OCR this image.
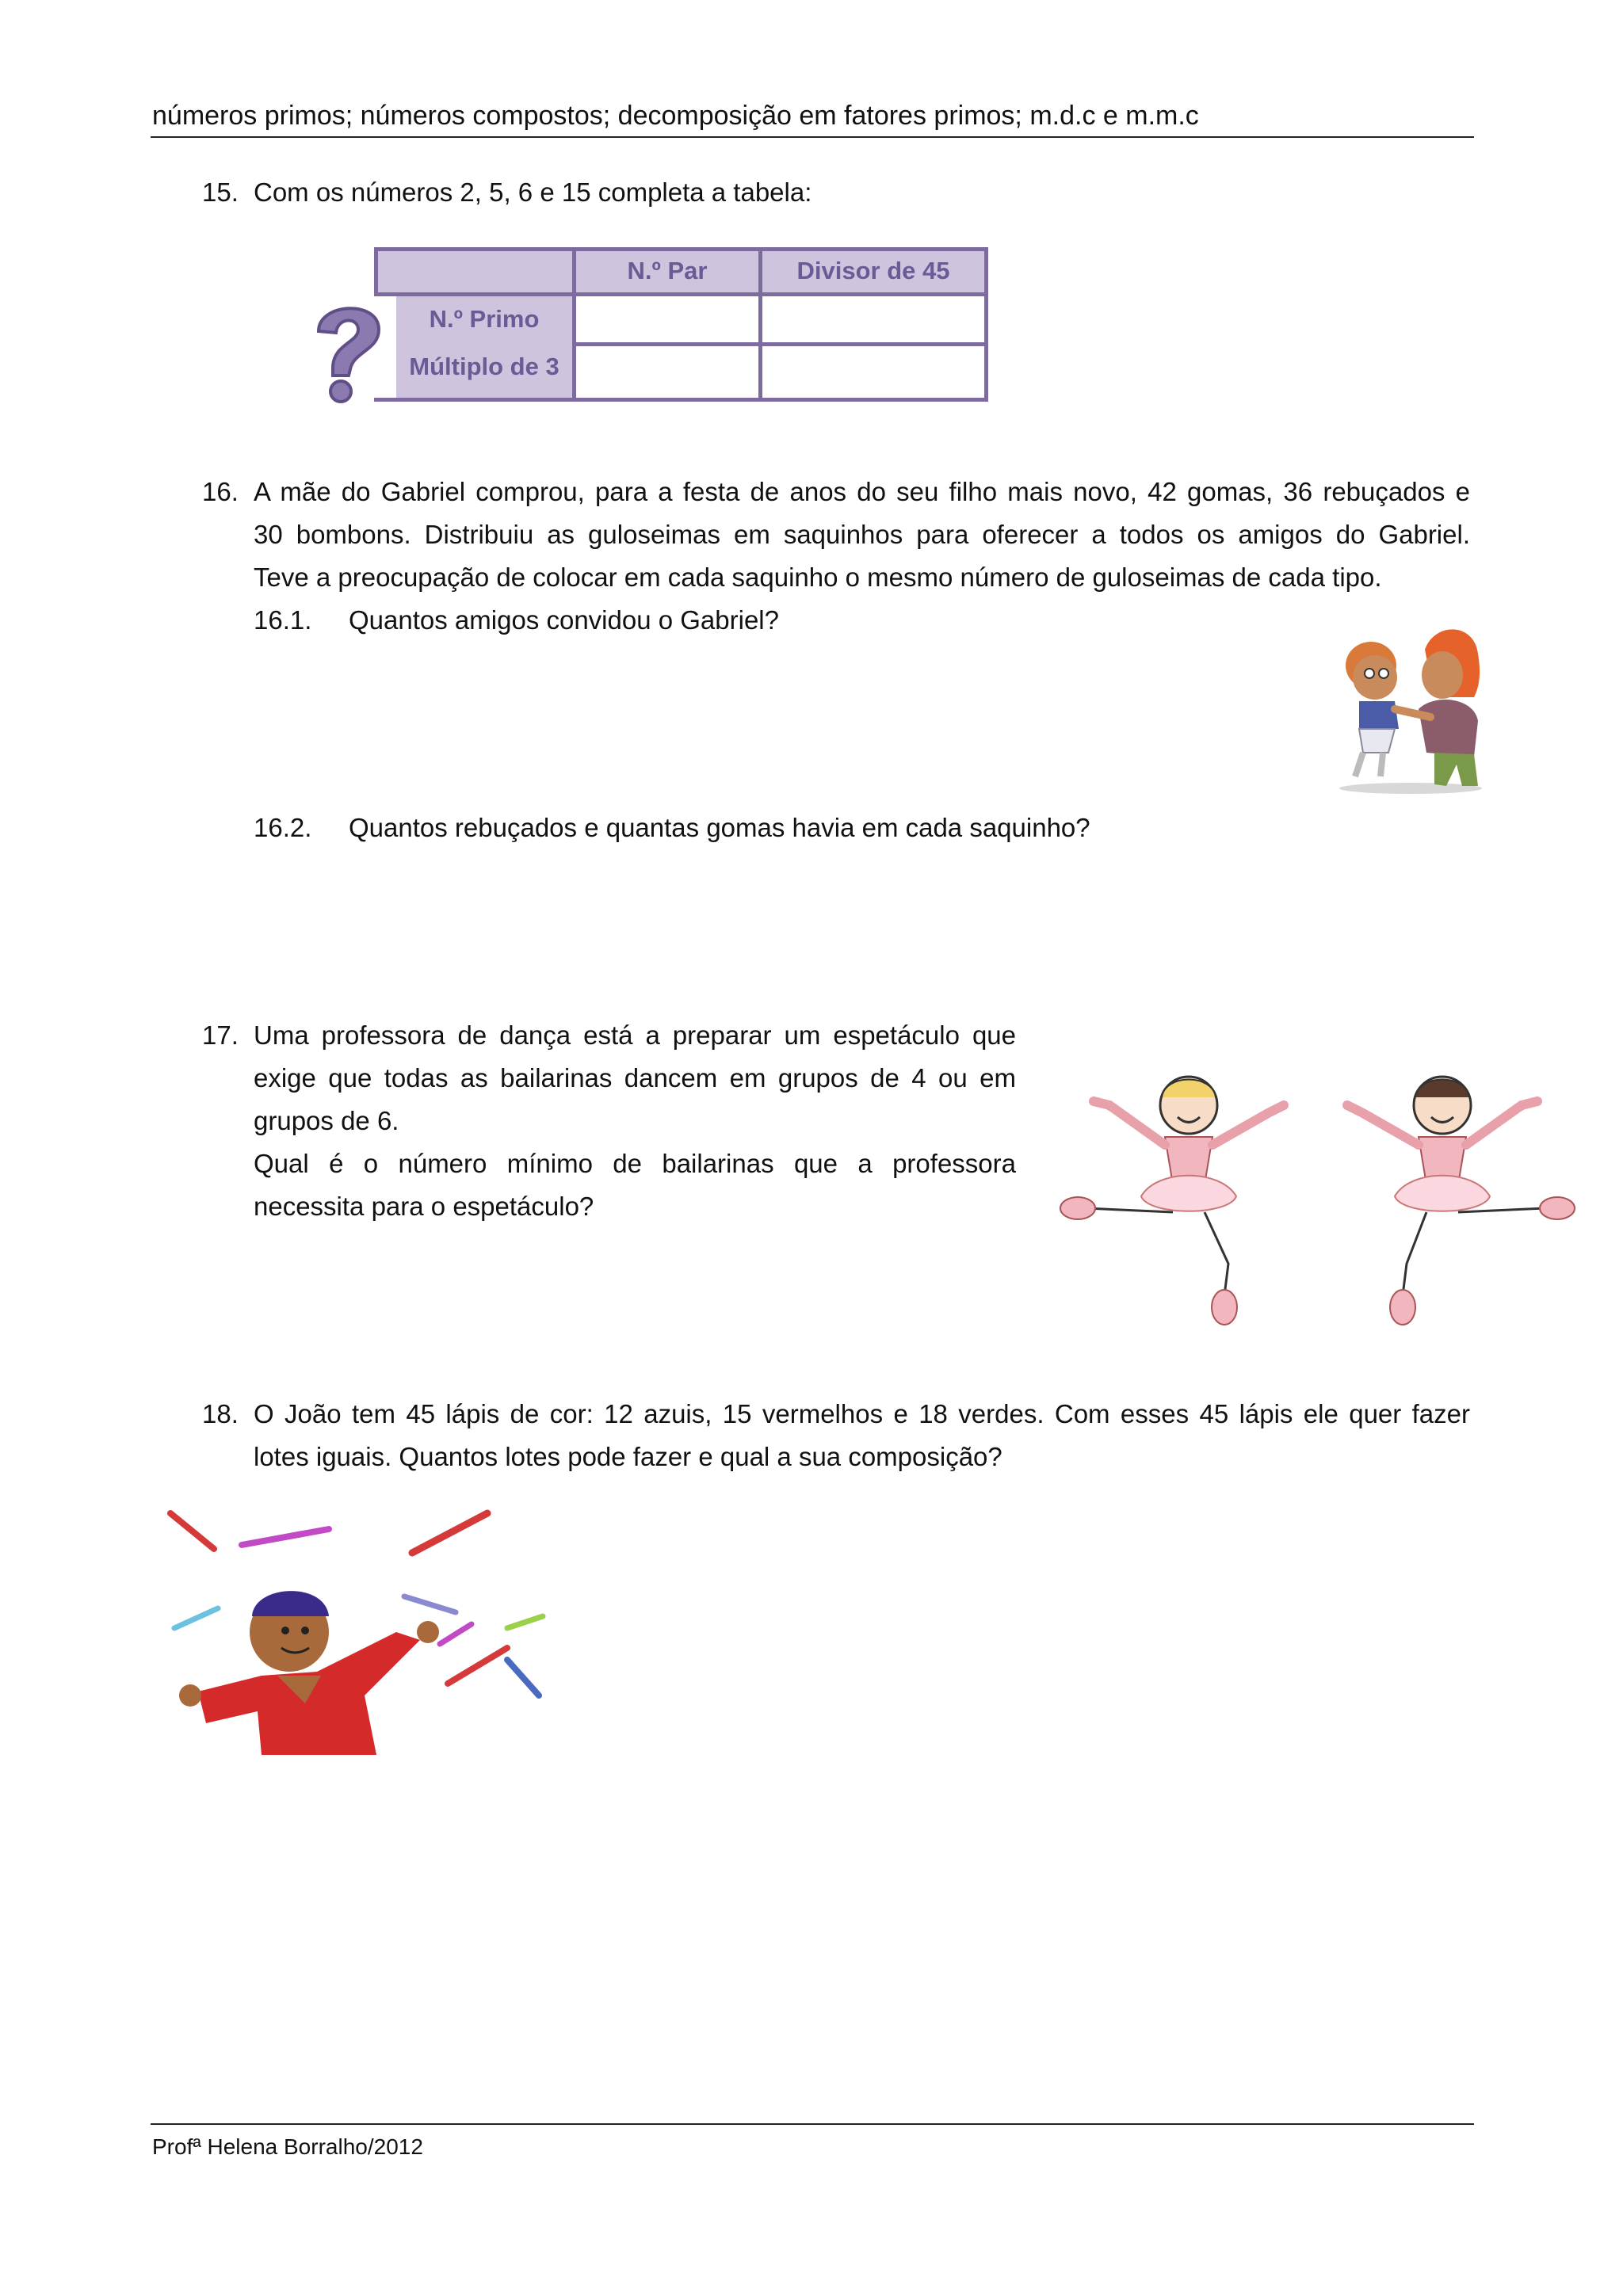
números primos; números compostos; decomposição em fatores primos; m.d.c e m.m.c
15. Com os números 2, 5, 6 e 15 completa a tabela:
N.º Par	Divisor de 45
N.º Primo
Múltiplo de 3
16. A mãe do Gabriel comprou, para a festa de anos do seu filho mais novo, 42 gomas, 36 rebuçados e
30 bombons. Distribuiu as guloseimas em saquinhos para oferecer a todos os amigos do Gabriel.
Teve a preocupação de colocar em cada saquinho o mesmo número de guloseimas de cada tipo.
16.1. Quantos amigos convidou o Gabriel?
16.2. Quantos rebuçados e quantas gomas havia em cada saquinho?
17. Uma professora de dança está a preparar um espetáculo que
exige que todas as bailarinas dancem em grupos de 4 ou em
grupos de 6.
Qual é o número mínimo de bailarinas que a professora
necessita para o espetáculo?
18. O João tem 45 lápis de cor: 12 azuis, 15 vermelhos e 18 verdes. Com esses 45 lápis ele quer fazer
lotes iguais. Quantos lotes pode fazer e qual a sua composição?
Profª Helena Borralho/2012
